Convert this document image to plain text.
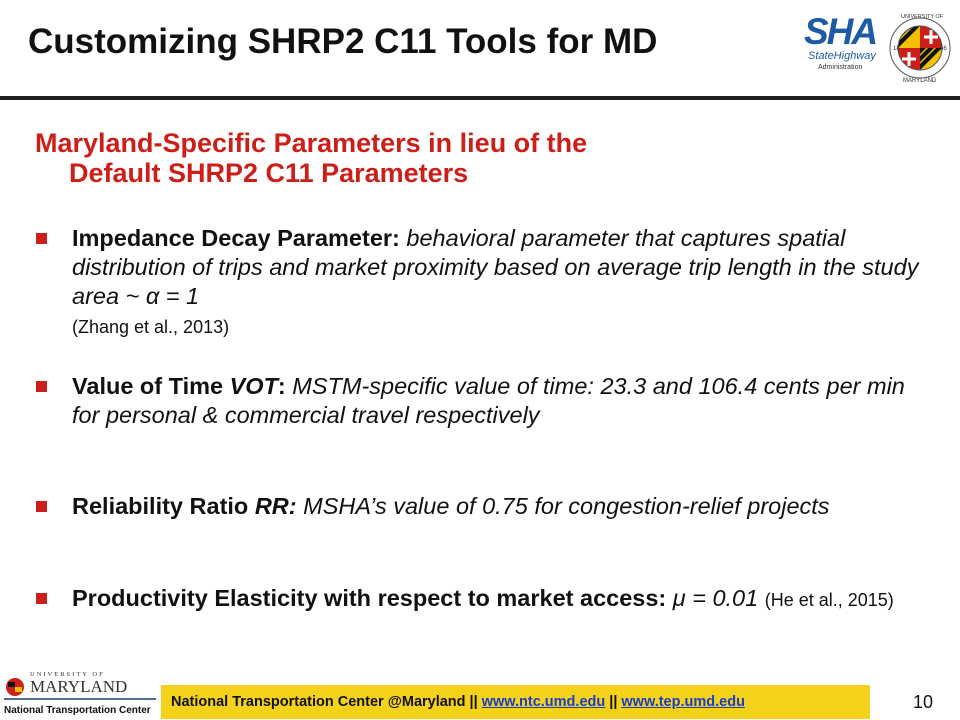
Customizing SHRP2 C11 Tools for MD	SHA
StateHighway
Administration
18	56
UNIVERSITY OF
MARYLAND
Maryland-Specific Parameters in lieu of the
Default SHRP2 C11 Parameters
Impedance Decay Parameter: behavioral parameter that captures spatial distribution of trips and market proximity based on average trip length in the study area ~ α = 1
(Zhang et al., 2013)
Value of Time VOT: MSTM-specific value of time: 23.3 and 106.4 cents per min for personal & commercial travel respectively
Reliability Ratio RR: MSHA’s value of 0.75 for congestion-relief projects
Productivity Elasticity with respect to market access: μ = 0.01 (He et al., 2015)
UNIVERSITY OF
MARYLAND
National Transportation Center
National Transportation Center @Maryland || www.ntc.umd.edu || www.tep.umd.edu	10
